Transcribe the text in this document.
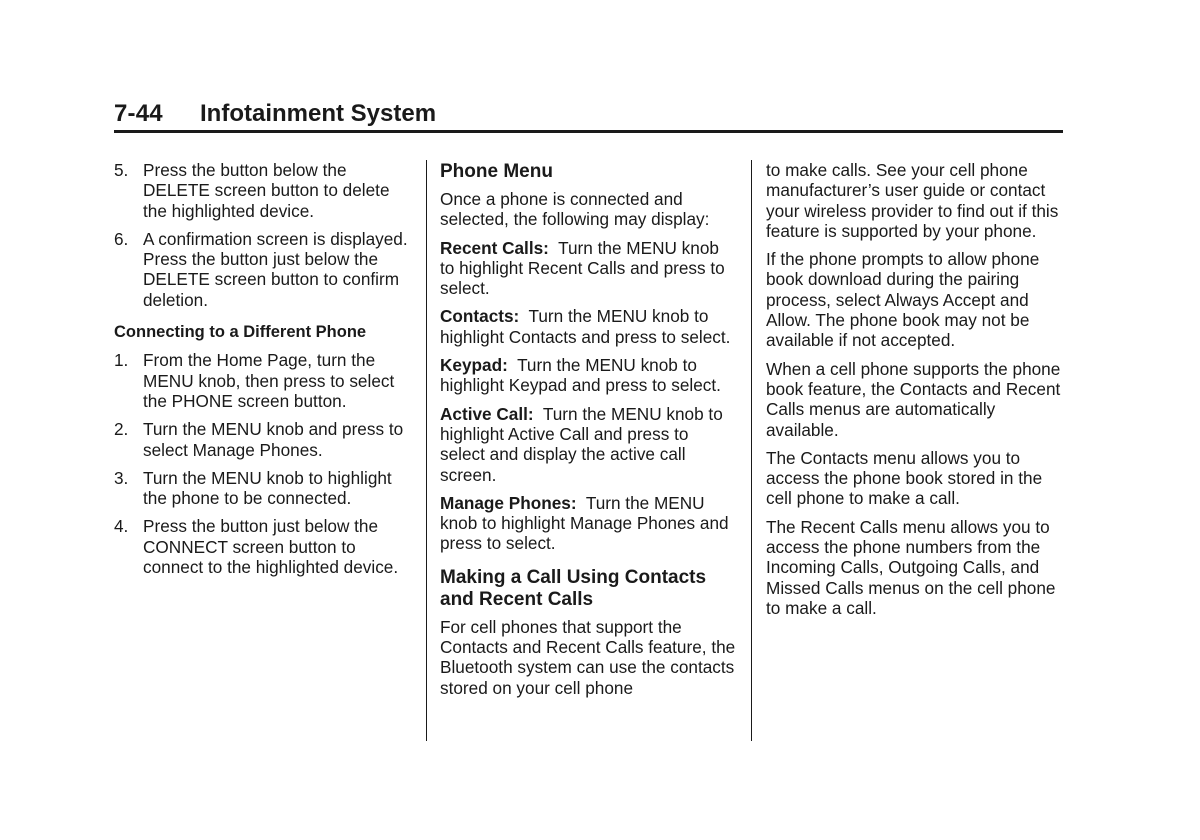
7-44 Infotainment System
5. Press the button below the DELETE screen button to delete the highlighted device.
6. A confirmation screen is displayed. Press the button just below the DELETE screen button to confirm deletion.
Connecting to a Different Phone
1. From the Home Page, turn the MENU knob, then press to select the PHONE screen button.
2. Turn the MENU knob and press to select Manage Phones.
3. Turn the MENU knob to highlight the phone to be connected.
4. Press the button just below the CONNECT screen button to connect to the highlighted device.
Phone Menu

Once a phone is connected and selected, the following may display:

Recent Calls: Turn the MENU knob to highlight Recent Calls and press to select.

Contacts: Turn the MENU knob to highlight Contacts and press to select.

Keypad: Turn the MENU knob to highlight Keypad and press to select.

Active Call: Turn the MENU knob to highlight Active Call and press to select and display the active call screen.

Manage Phones: Turn the MENU knob to highlight Manage Phones and press to select.

Making a Call Using Contacts and Recent Calls

For cell phones that support the Contacts and Recent Calls feature, the Bluetooth system can use the contacts stored on your cell phone

to make calls. See your cell phone manufacturer’s user guide or contact your wireless provider to find out if this feature is supported by your phone.

If the phone prompts to allow phone book download during the pairing process, select Always Accept and Allow. The phone book may not be available if not accepted.

When a cell phone supports the phone book feature, the Contacts and Recent Calls menus are automatically available.

The Contacts menu allows you to access the phone book stored in the cell phone to make a call.

The Recent Calls menu allows you to access the phone numbers from the Incoming Calls, Outgoing Calls, and Missed Calls menus on the cell phone to make a call.
